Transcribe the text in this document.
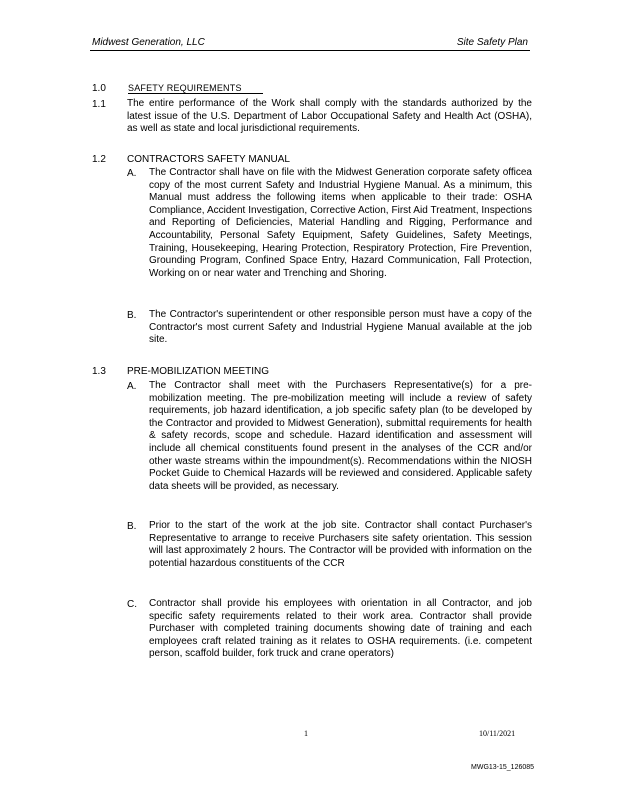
Midwest Generation, LLC	Site Safety Plan
1.0 SAFETY REQUIREMENTS
1.1 The entire performance of the Work shall comply with the standards authorized by the latest issue of the U.S. Department of Labor Occupational Safety and Health Act (OSHA), as well as state and local jurisdictional requirements.
1.2 CONTRACTORS SAFETY MANUAL
A. The Contractor shall have on file with the Midwest Generation corporate safety officea copy of the most current Safety and Industrial Hygiene Manual. As a minimum, this Manual must address the following items when applicable to their trade: OSHA Compliance, Accident Investigation, Corrective Action, First Aid Treatment, Inspections and Reporting of Deficiencies, Material Handling and Rigging, Performance and Accountability, Personal Safety Equipment, Safety Guidelines, Safety Meetings, Training, Housekeeping, Hearing Protection, Respiratory Protection, Fire Prevention, Grounding Program, Confined Space Entry, Hazard Communication, Fall Protection, Working on or near water and Trenching and Shoring.
B. The Contractor's superintendent or other responsible person must have a copy of the Contractor's most current Safety and Industrial Hygiene Manual available at the job site.
1.3 PRE-MOBILIZATION MEETING
A. The Contractor shall meet with the Purchasers Representative(s) for a pre-mobilization meeting. The pre-mobilization meeting will include a review of safety requirements, job hazard identification, a job specific safety plan (to be developed by the Contractor and provided to Midwest Generation), submittal requirements for health & safety records, scope and schedule. Hazard identification and assessment will include all chemical constituents found present in the analyses of the CCR and/or other waste streams within the impoundment(s). Recommendations within the NIOSH Pocket Guide to Chemical Hazards will be reviewed and considered. Applicable safety data sheets will be provided, as necessary.
B. Prior to the start of the work at the job site. Contractor shall contact Purchaser's Representative to arrange to receive Purchasers site safety orientation. This session will last approximately 2 hours. The Contractor will be provided with information on the potential hazardous constituents of the CCR
C. Contractor shall provide his employees with orientation in all Contractor, and job specific safety requirements related to their work area. Contractor shall provide Purchaser with completed training documents showing date of training and each employees craft related training as it relates to OSHA requirements. (i.e. competent person, scaffold builder, fork truck and crane operators)
1	10/11/2021
MWG13-15_126085
